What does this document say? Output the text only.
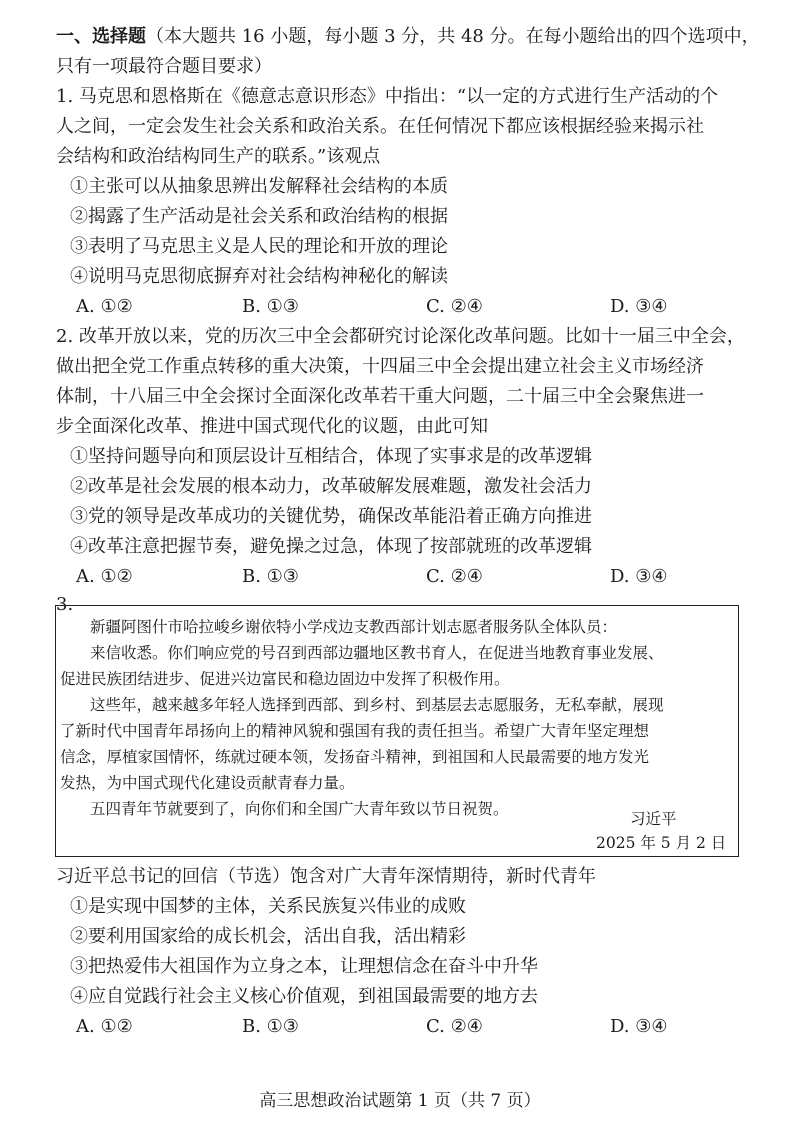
一、选择题（本大题共 16 小题，每小题 3 分，共 48 分。在每小题给出的四个选项中，
只有一项最符合题目要求）
1. 马克思和恩格斯在《德意志意识形态》中指出：“以一定的方式进行生产活动的个
人之间，一定会发生社会关系和政治关系。在任何情况下都应该根据经验来揭示社
会结构和政治结构同生产的联系。”该观点
①主张可以从抽象思辨出发解释社会结构的本质
②揭露了生产活动是社会关系和政治结构的根据
③表明了马克思主义是人民的理论和开放的理论
④说明马克思彻底摒弃对社会结构神秘化的解读
A. ①②	B. ①③	C. ②④	D. ③④
2. 改革开放以来，党的历次三中全会都研究讨论深化改革问题。比如十一届三中全会，
做出把全党工作重点转移的重大决策，十四届三中全会提出建立社会主义市场经济
体制，十八届三中全会探讨全面深化改革若干重大问题，二十届三中全会聚焦进一
步全面深化改革、推进中国式现代化的议题，由此可知
①坚持问题导向和顶层设计互相结合，体现了实事求是的改革逻辑
②改革是社会发展的根本动力，改革破解发展难题，激发社会活力
③党的领导是改革成功的关键优势，确保改革能沿着正确方向推进
④改革注意把握节奏，避免操之过急，体现了按部就班的改革逻辑
A. ①②	B. ①③	C. ②④	D. ③④
3.
新疆阿图什市哈拉峻乡谢依特小学戍边支教西部计划志愿者服务队全体队员：
来信收悉。你们响应党的号召到西部边疆地区教书育人，在促进当地教育事业发展、
促进民族团结进步、促进兴边富民和稳边固边中发挥了积极作用。
这些年，越来越多年轻人选择到西部、到乡村、到基层去志愿服务，无私奉献，展现
了新时代中国青年昂扬向上的精神风貌和强国有我的责任担当。希望广大青年坚定理想
信念，厚植家国情怀，练就过硬本领，发扬奋斗精神，到祖国和人民最需要的地方发光
发热，为中国式现代化建设贡献青春力量。
五四青年节就要到了，向你们和全国广大青年致以节日祝贺。
习近平
2025 年 5 月 2 日
习近平总书记的回信（节选）饱含对广大青年深情期待，新时代青年
①是实现中国梦的主体，关系民族复兴伟业的成败
②要利用国家给的成长机会，活出自我，活出精彩
③把热爱伟大祖国作为立身之本，让理想信念在奋斗中升华
④应自觉践行社会主义核心价值观，到祖国最需要的地方去
A. ①②	B. ①③	C. ②④	D. ③④
高三思想政治试题第 1 页（共 7 页）
